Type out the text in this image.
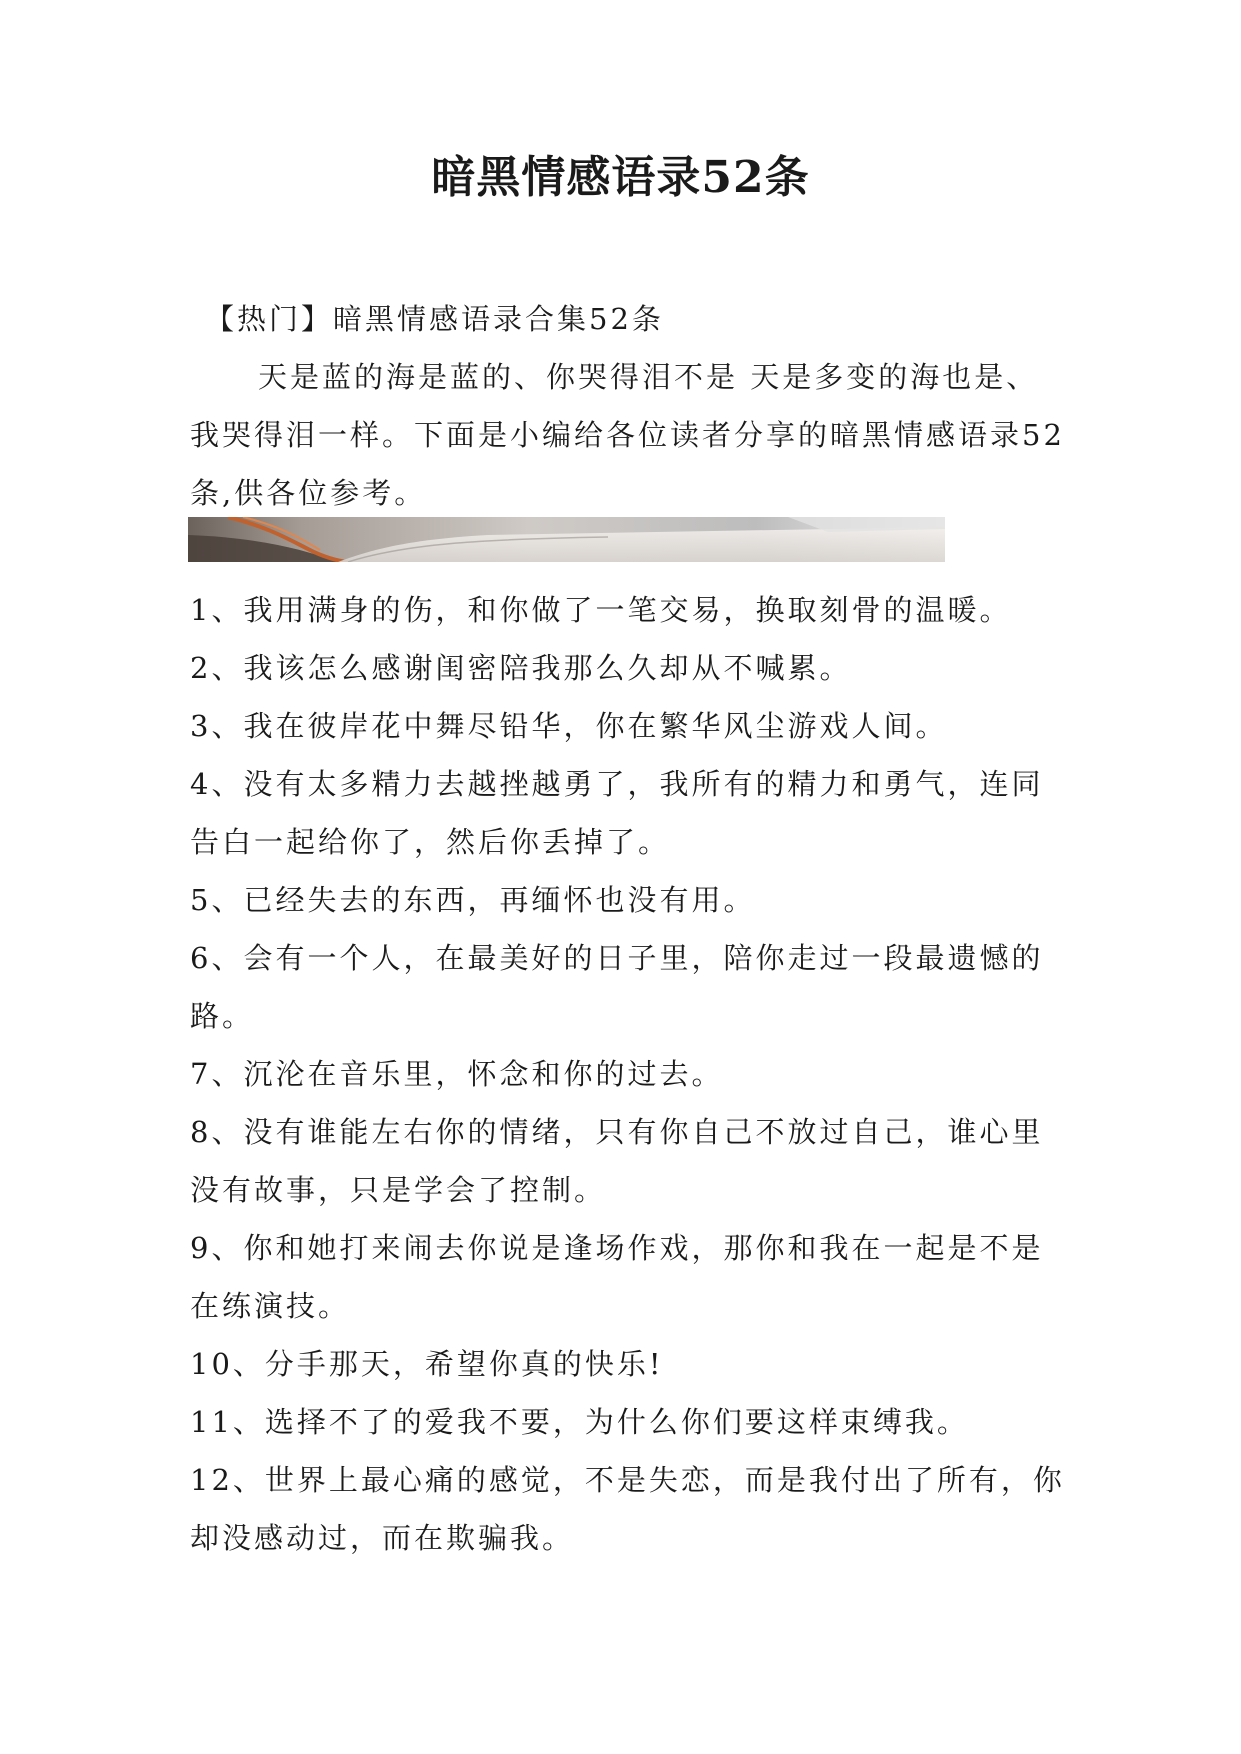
暗黑情感语录52条
【热门】暗黑情感语录合集52条

天是蓝的海是蓝的、你哭得泪不是 天是多变的海也是、我哭得泪一样。下面是小编给各位读者分享的暗黑情感语录52条,供各位参考。

1、我用满身的伤，和你做了一笔交易，换取刻骨的温暖。
2、我该怎么感谢闺密陪我那么久却从不喊累。
3、我在彼岸花中舞尽铅华，你在繁华风尘游戏人间。
4、没有太多精力去越挫越勇了，我所有的精力和勇气，连同告白一起给你了，然后你丢掉了。
5、已经失去的东西，再缅怀也没有用。
6、会有一个人，在最美好的日子里，陪你走过一段最遗憾的路。
7、沉沦在音乐里，怀念和你的过去。
8、没有谁能左右你的情绪，只有你自己不放过自己，谁心里没有故事，只是学会了控制。
9、你和她打来闹去你说是逢场作戏，那你和我在一起是不是在练演技。
10、分手那天，希望你真的快乐!
11、选择不了的爱我不要，为什么你们要这样束缚我。
12、世界上最心痛的感觉，不是失恋，而是我付出了所有，你却没感动过，而在欺骗我。
